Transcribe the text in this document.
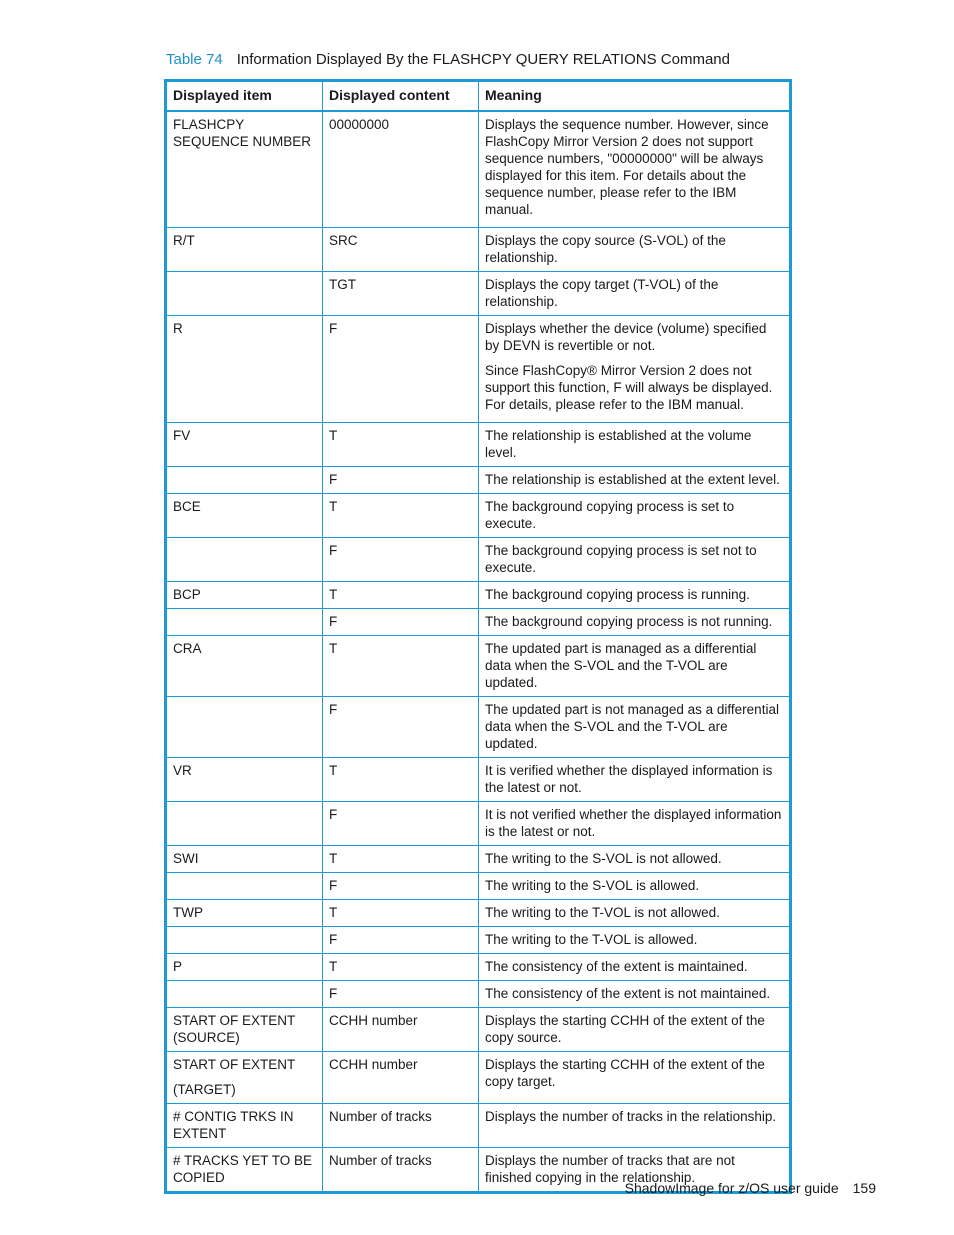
Table 74 Information Displayed By the FLASHCPY QUERY RELATIONS Command
Displayed item	Displayed content	Meaning

FLASHCPY SEQUENCE NUMBER	00000000	Displays the sequence number. However, since FlashCopy Mirror Version 2 does not support sequence numbers, "00000000" will be always displayed for this item. For details about the sequence number, please refer to the IBM manual.

R/T	SRC	Displays the copy source (S-VOL) of the relationship.

	TGT	Displays the copy target (T-VOL) of the relationship.

R	F	Displays whether the device (volume) specified by DEVN is revertible or not.

Since FlashCopy® Mirror Version 2 does not support this function, F will always be displayed. For details, please refer to the IBM manual.

FV	T	The relationship is established at the volume level.

	F	The relationship is established at the extent level.

BCE	T	The background copying process is set to execute.

	F	The background copying process is set not to execute.

BCP	T	The background copying process is running.

	F	The background copying process is not running.

CRA	T	The updated part is managed as a differential data when the S-VOL and the T-VOL are updated.

	F	The updated part is not managed as a differential data when the S-VOL and the T-VOL are updated.

VR	T	It is verified whether the displayed information is the latest or not.

	F	It is not verified whether the displayed information is the latest or not.

SWI	T	The writing to the S-VOL is not allowed.

	F	The writing to the S-VOL is allowed.

TWP	T	The writing to the T-VOL is not allowed.

	F	The writing to the T-VOL is allowed.

P	T	The consistency of the extent is maintained.

	F	The consistency of the extent is not maintained.

START OF EXTENT (SOURCE)	CCHH number	Displays the starting CCHH of the extent of the copy source.

START OF EXTENT

(TARGET)	CCHH number	Displays the starting CCHH of the extent of the copy target.

# CONTIG TRKS IN EXTENT	Number of tracks	Displays the number of tracks in the relationship.

# TRACKS YET TO BE COPIED	Number of tracks	Displays the number of tracks that are not finished copying in the relationship.

ShadowImage for z/OS user guide 159
